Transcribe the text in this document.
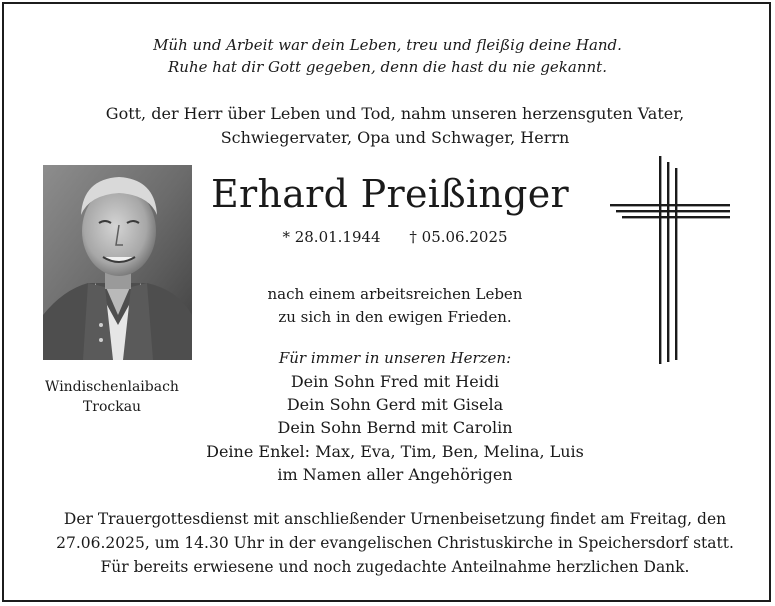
Müh und Arbeit war dein Leben, treu und fleißig deine Hand.
Ruhe hat dir Gott gegeben, denn die hast du nie gekannt.
Gott, der Herr über Leben und Tod, nahm unseren herzensguten Vater,
Schwiegervater, Opa und Schwager, Herrn
Windischenlaibach
Trockau
Erhard Preißinger
* 28.01.1944 † 05.06.2025
nach einem arbeitsreichen Leben
zu sich in den ewigen Frieden.
Für immer in unseren Herzen:
Dein Sohn Fred mit Heidi
Dein Sohn Gerd mit Gisela
Dein Sohn Bernd mit Carolin
Deine Enkel: Max, Eva, Tim, Ben, Melina, Luis
im Namen aller Angehörigen
Der Trauergottesdienst mit anschließender Urnenbeisetzung findet am Freitag, den
27.06.2025, um 14.30 Uhr in der evangelischen Christuskirche in Speichersdorf statt.
Für bereits erwiesene und noch zugedachte Anteilnahme herzlichen Dank.
